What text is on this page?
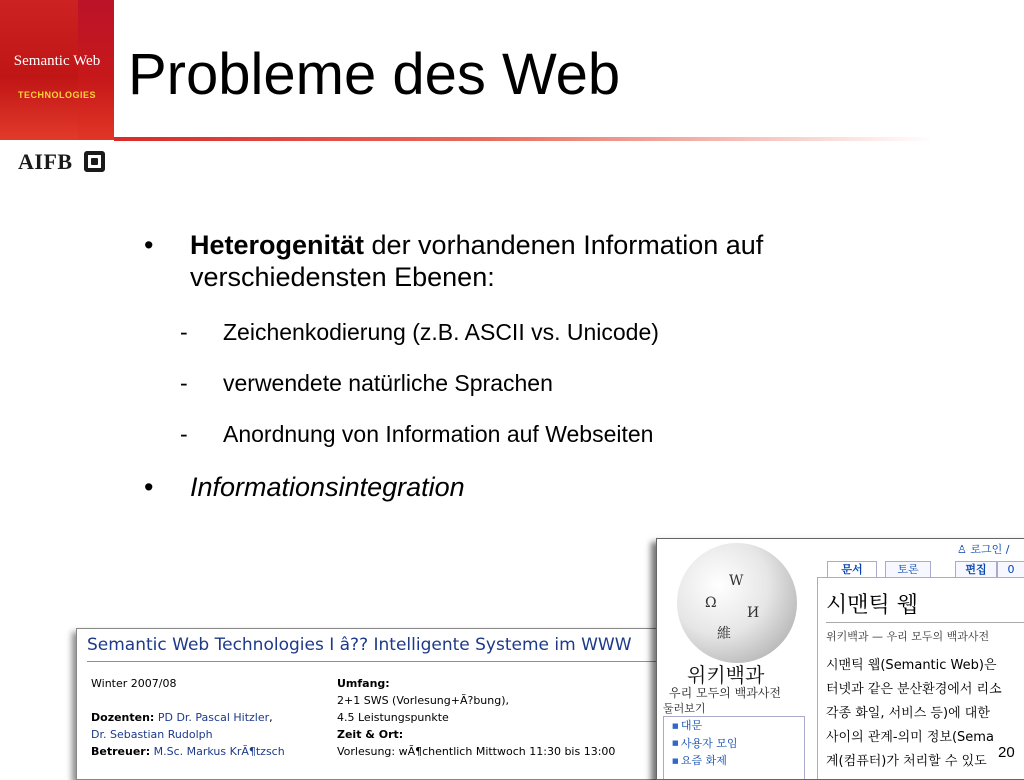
Semantic Web
TECHNOLOGIES Probleme des Web
AIFB
• Heterogenität der vorhandenen Information auf
verschiedensten Ebenen:
- Zeichenkodierung (z.B. ASCII vs. Unicode)
- verwendete natürliche Sprachen
- Anordnung von Information auf Webseiten
• Informationsintegration
Semantic Web Technologies I â?? Intelligente Systeme im WWW
Winter 2007/08

Dozenten: PD Dr. Pascal Hitzler,
Dr. Sebastian Rudolph
Betreuer: M.Sc. Markus KrÃ¶tzsch
Umfang:
2+1 SWS (Vorlesung+Ã?bung),
4.5 Leistungspunkte
Zeit & Ort:
Vorlesung: wÃ¶chentlich Mittwoch 11:30 bis 13:00
W
Ω
И
維
위키백과
우리 모두의 백과사전
둘러보기
■ 대문
■ 사용자 모임
■ 요즘 화제
♙ 로그인 /
문서	토론	편집	0
시맨틱 웹
위키백과 — 우리 모두의 백과사전
시맨틱 웹(Semantic Web)은
터넷과 같은 분산환경에서 리소
각종 화일, 서비스 등)에 대한
사이의 관계-의미 정보(Sema
계(컴퓨터)가 처리할 수 있도
20
